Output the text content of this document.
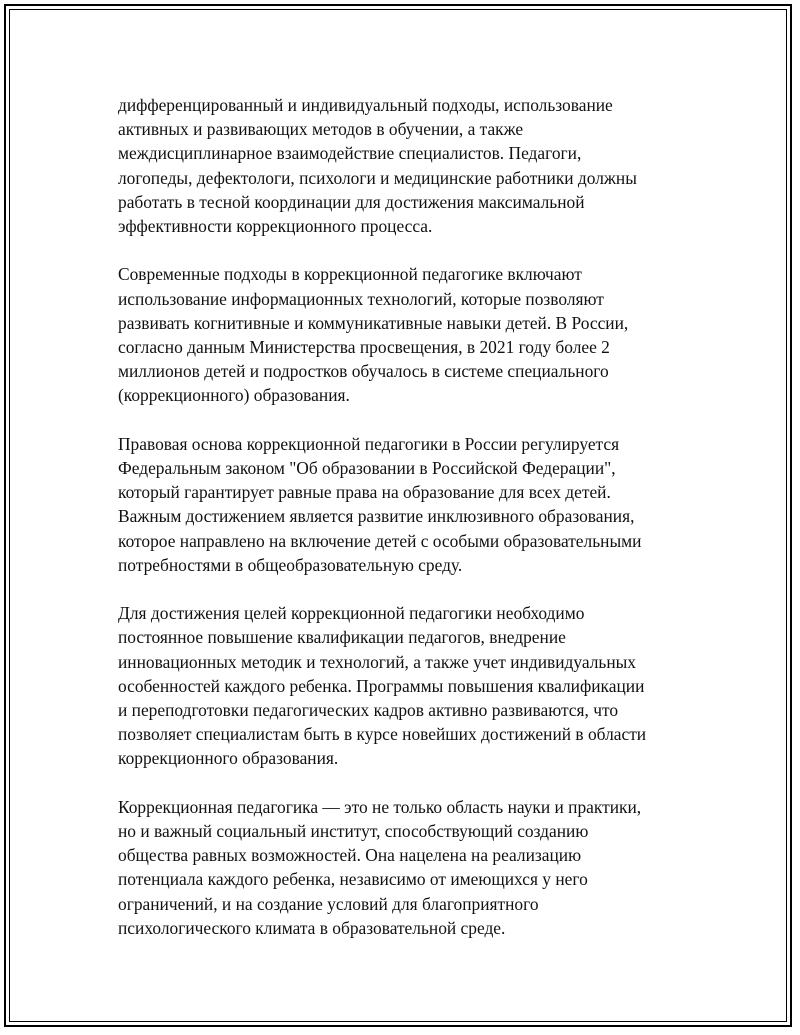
дифференцированный и индивидуальный подходы, использование
активных и развивающих методов в обучении, а также
междисциплинарное взаимодействие специалистов. Педагоги,
логопеды, дефектологи, психологи и медицинские работники должны
работать в тесной координации для достижения максимальной
эффективности коррекционного процесса.

Современные подходы в коррекционной педагогике включают
использование информационных технологий, которые позволяют
развивать когнитивные и коммуникативные навыки детей. В России,
согласно данным Министерства просвещения, в 2021 году более 2
миллионов детей и подростков обучалось в системе специального
(коррекционного) образования.

Правовая основа коррекционной педагогики в России регулируется
Федеральным законом "Об образовании в Российской Федерации",
который гарантирует равные права на образование для всех детей.
Важным достижением является развитие инклюзивного образования,
которое направлено на включение детей с особыми образовательными
потребностями в общеобразовательную среду.

Для достижения целей коррекционной педагогики необходимо
постоянное повышение квалификации педагогов, внедрение
инновационных методик и технологий, а также учет индивидуальных
особенностей каждого ребенка. Программы повышения квалификации
и переподготовки педагогических кадров активно развиваются, что
позволяет специалистам быть в курсе новейших достижений в области
коррекционного образования.

Коррекционная педагогика — это не только область науки и практики,
но и важный социальный институт, способствующий созданию
общества равных возможностей. Она нацелена на реализацию
потенциала каждого ребенка, независимо от имеющихся у него
ограничений, и на создание условий для благоприятного
психологического климата в образовательной среде.
